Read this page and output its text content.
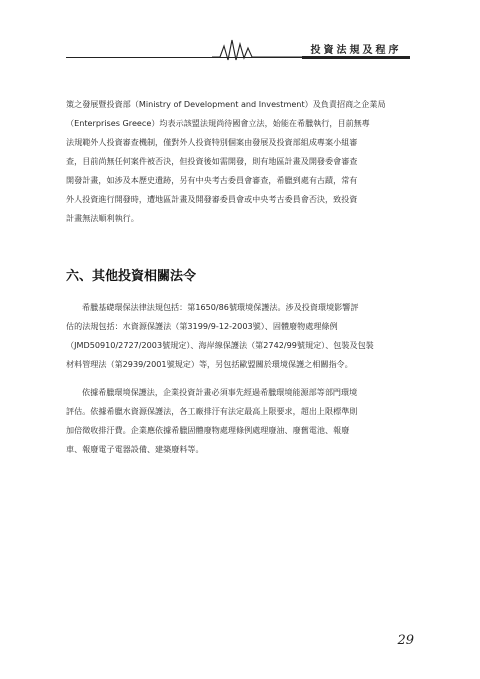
投資法規及程序
策之發展暨投資部（Ministry of Development and Investment）及負責招商之企業局
（Enterprises Greece）均表示該盟法規尚待國會立法，始能在希臘執行，目前無專
法規範外人投資審查機制，僅對外人投資特別個案由發展及投資部組成專案小組審
查，目前尚無任何案件被否決，但投資後如需開發，則有地區計畫及開發委會審查
開發計畫，如涉及本歷史遺跡，另有中央考古委員會審查，希臘到處有古蹟，常有
外人投資進行開發時，遭地區計畫及開發審委員會或中央考古委員會否決，致投資
計畫無法順利執行。
六、其他投資相關法令
希臘基礎環保法律法規包括：第1650/86號環境保護法。涉及投資環境影響評
估的法規包括：水資源保護法（第3199/9-12-2003號）、固體廢物處理條例
（JMD50910/2727/2003號規定）、海岸線保護法（第2742/99號規定）、包裝及包裝
材料管理法（第2939/2001號規定）等，另包括歐盟關於環境保護之相關指令。
依據希臘環境保護法，企業投資計畫必須事先經過希臘環境能源部等部門環境
評估。依據希臘水資源保護法，各工廠排汙有法定最高上限要求，超出上限標準則
加倍徵收排汙費。企業應依據希臘固體廢物處理條例處理廢油、廢舊電池、報廢
車、報廢電子電器設備、建築廢料等。
29
